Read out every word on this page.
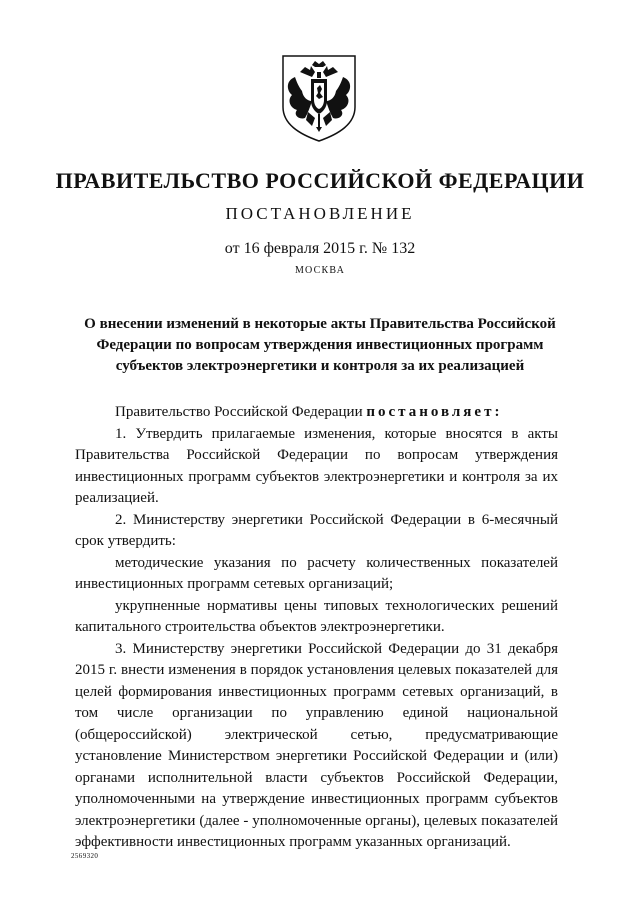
ПРАВИТЕЛЬСТВО РОССИЙСКОЙ ФЕДЕРАЦИИ
ПОСТАНОВЛЕНИЕ
от 16 февраля 2015 г. № 132
МОСКВА
О внесении изменений в некоторые акты Правительства Российской Федерации по вопросам утверждения инвестиционных программ субъектов электроэнергетики и контроля за их реализацией

Правительство Российской Федерации постановляет:

1. Утвердить прилагаемые изменения, которые вносятся в акты Правительства Российской Федерации по вопросам утверждения инвестиционных программ субъектов электроэнергетики и контроля за их реализацией.

2. Министерству энергетики Российской Федерации в 6-месячный срок утвердить:

методические указания по расчету количественных показателей инвестиционных программ сетевых организаций;

укрупненные нормативы цены типовых технологических решений капитального строительства объектов электроэнергетики.

3. Министерству энергетики Российской Федерации до 31 декабря 2015 г. внести изменения в порядок установления целевых показателей для целей формирования инвестиционных программ сетевых организаций, в том числе организации по управлению единой национальной (общероссийской) электрической сетью, предусматривающие установление Министерством энергетики Российской Федерации и (или) органами исполнительной власти субъектов Российской Федерации, уполномоченными на утверждение инвестиционных программ субъектов электроэнергетики (далее - уполномоченные органы), целевых показателей эффективности инвестиционных программ указанных организаций.

2569320
